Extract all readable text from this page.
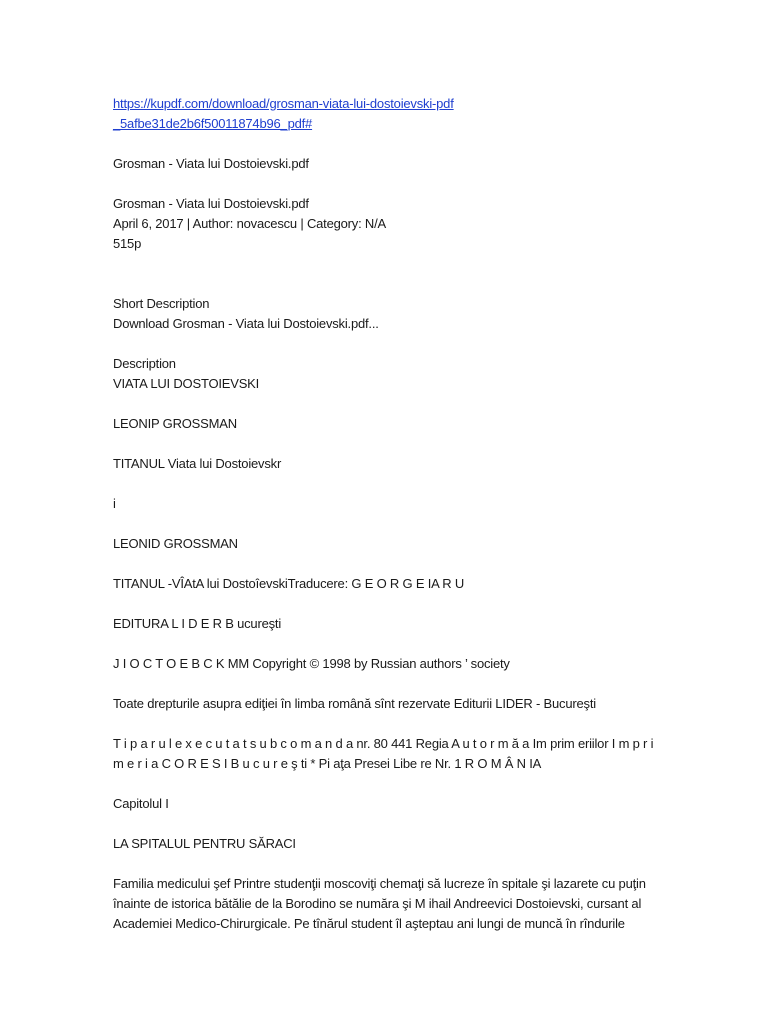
https://kupdf.com/download/grosman-viata-lui-dostoievski-pdf_5afbe31de2b6f50011874b96_pdf#
Grosman - Viata lui Dostoievski.pdf
Grosman - Viata lui Dostoievski.pdf
April 6, 2017 | Author: novacescu | Category: N/A
515p
Short Description
Download Grosman - Viata lui Dostoievski.pdf...
Description
VIATA LUI DOSTOIEVSKI
LEONIP GROSSMAN
TITANUL Viata lui Dostoievskr
i
LEONID GROSSMAN
TITANUL -VÎAtA lui DostoîevskiTraducere: G E O R G E IA R U
EDITURA L I D E R B ucureşti
J I O C T O E B C K MM Copyright © 1998 by Russian authors ’ society
Toate drepturile asupra ediţiei în limba română sînt rezervate Editurii LIDER - Bucureşti
T i p a r u l e x e c u t a t s u b c o m a n d a nr. 80 441 Regia A u t o r m ă a Im prim eriilor I m p r i
m e r i a C O R E S I B u c u r e ş ti * Pi aţa Presei Libe re Nr. 1 R O M Â N IA
Capitolul I
LA SPITALUL PENTRU SĂRACI
Familia medicului şef Printre studenţii moscoviţi chemaţi să lucreze în spitale şi lazarete cu puţin
înainte de istorica bătălie de la Borodino se număra şi M ihail Andreevici Dostoievski, cursant al
Academiei Medico-Chirurgicale. Pe tînărul student îl aşteptau ani lungi de muncă în rîndurile
